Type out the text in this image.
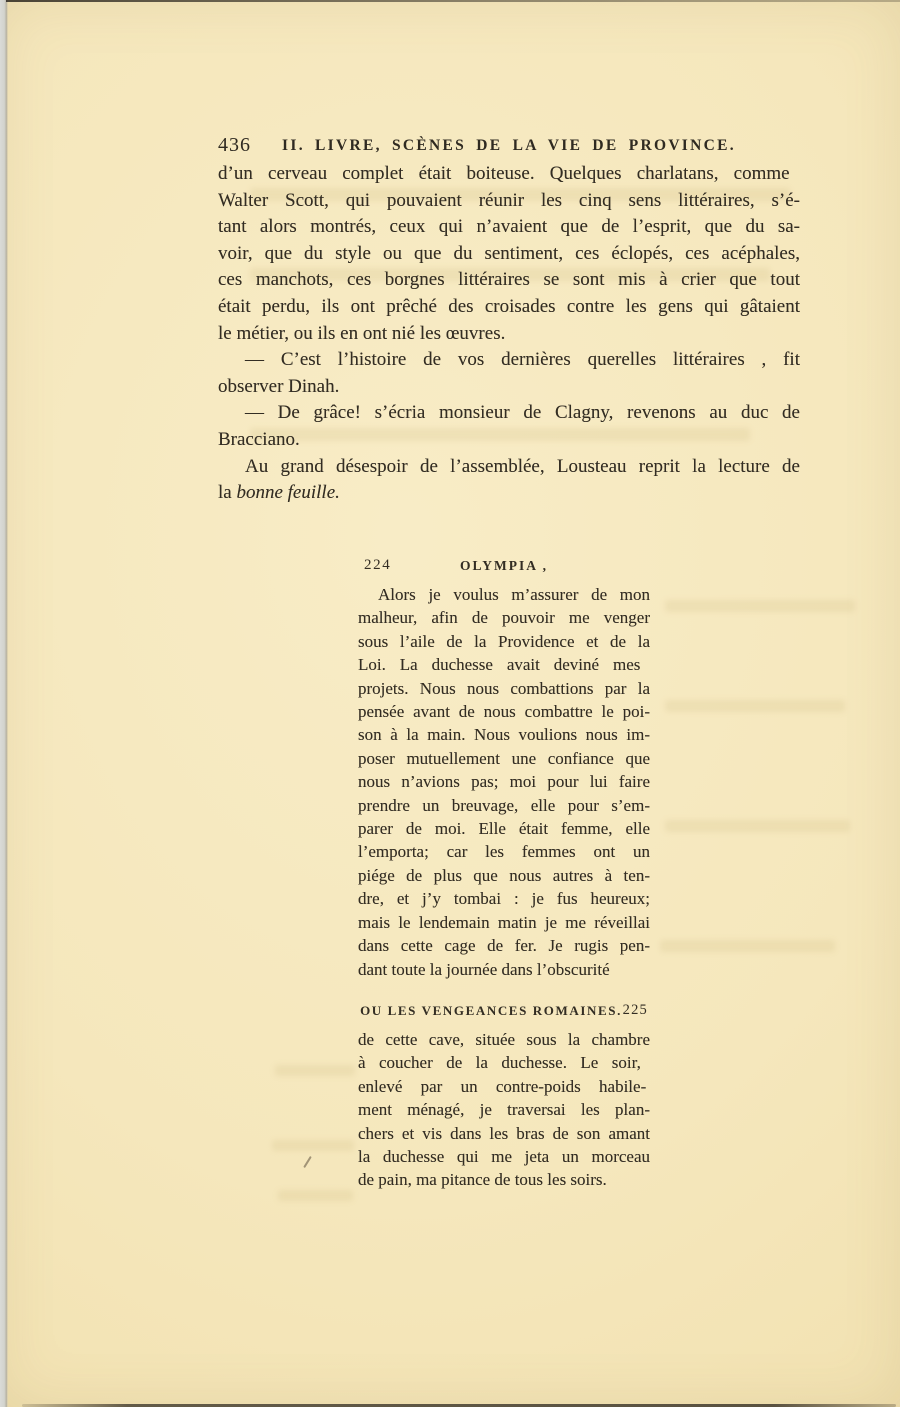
436	II. LIVRE, SCÈNES DE LA VIE DE PROVINCE.
d’un cerveau complet était boiteuse. Quelques charlatans, comme
Walter Scott, qui pouvaient réunir les cinq sens littéraires, s’é-
tant alors montrés, ceux qui n’avaient que de l’esprit, que du sa-
voir, que du style ou que du sentiment, ces éclopés, ces acéphales,
ces manchots, ces borgnes littéraires se sont mis à crier que tout
était perdu, ils ont prêché des croisades contre les gens qui gâtaient
le métier, ou ils en ont nié les œuvres.
— C’est l’histoire de vos dernières querelles littéraires , fit
observer Dinah.
— De grâce! s’écria monsieur de Clagny, revenons au duc de
Bracciano.
Au grand désespoir de l’assemblée, Lousteau reprit la lecture de
la bonne feuille.
224	OLYMPIA ,
Alors je voulus m’assurer de mon
malheur, afin de pouvoir me venger
sous l’aile de la Providence et de la
Loi. La duchesse avait deviné mes
projets. Nous nous combattions par la
pensée avant de nous combattre le poi-
son à la main. Nous voulions nous im-
poser mutuellement une confiance que
nous n’avions pas; moi pour lui faire
prendre un breuvage, elle pour s’em-
parer de moi. Elle était femme, elle
l’emporta; car les femmes ont un
piége de plus que nous autres à ten-
dre, et j’y tombai : je fus heureux;
mais le lendemain matin je me réveillai
dans cette cage de fer. Je rugis pen-
dant toute la journée dans l’obscurité
OU LES VENGEANCES ROMAINES. 225
de cette cave, située sous la chambre
à coucher de la duchesse. Le soir,
enlevé par un contre-poids habile-
ment ménagé, je traversai les plan-
chers et vis dans les bras de son amant
la duchesse qui me jeta un morceau
de pain, ma pitance de tous les soirs.
